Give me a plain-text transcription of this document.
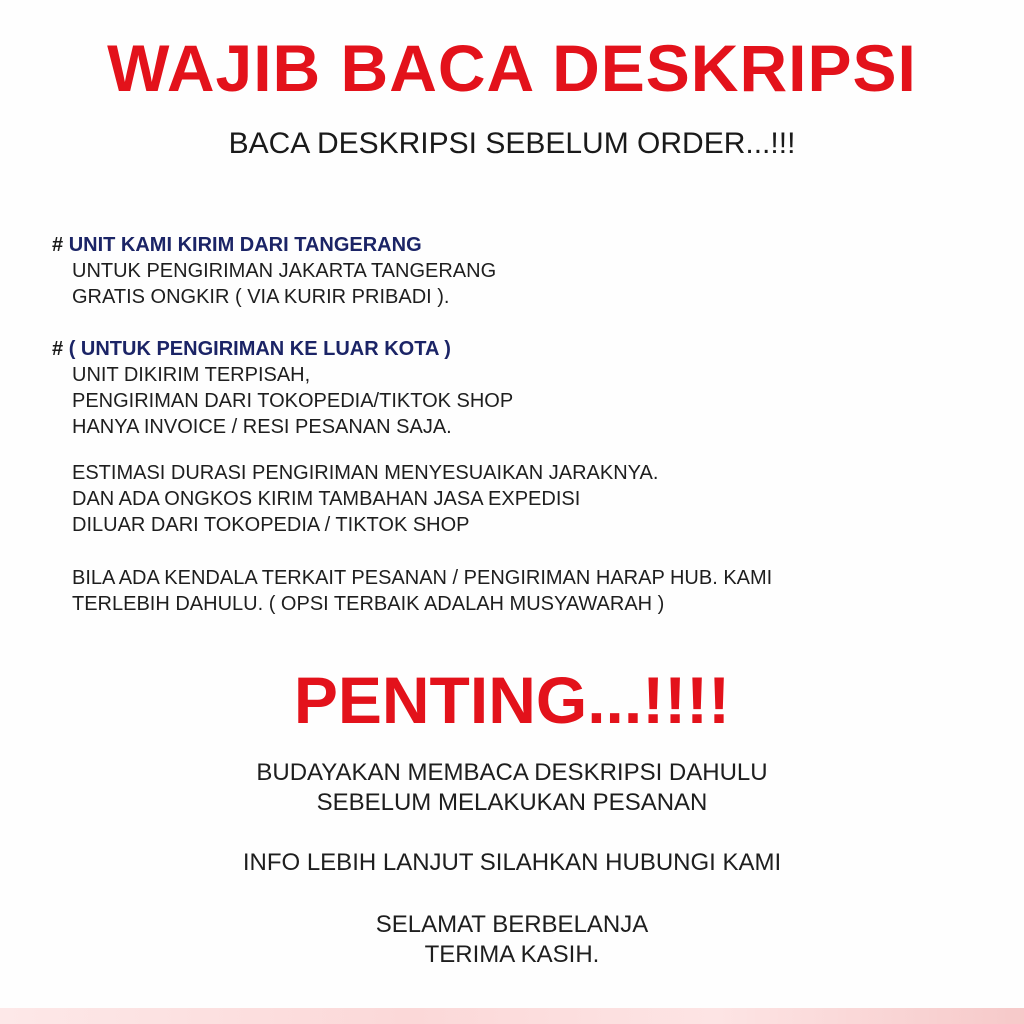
WAJIB BACA DESKRIPSI
BACA DESKRIPSI SEBELUM ORDER...!!!
# UNIT KAMI KIRIM DARI TANGERANG
UNTUK PENGIRIMAN JAKARTA TANGERANG
GRATIS ONGKIR ( VIA KURIR PRIBADI ).
# ( UNTUK PENGIRIMAN KE LUAR KOTA )
UNIT DIKIRIM TERPISAH,
PENGIRIMAN DARI TOKOPEDIA/TIKTOK SHOP
HANYA INVOICE / RESI PESANAN SAJA.
ESTIMASI DURASI PENGIRIMAN MENYESUAIKAN JARAKNYA.
DAN ADA ONGKOS KIRIM TAMBAHAN JASA EXPEDISI
DILUAR DARI TOKOPEDIA / TIKTOK SHOP
BILA ADA KENDALA TERKAIT PESANAN / PENGIRIMAN HARAP HUB. KAMI
TERLEBIH DAHULU. ( OPSI TERBAIK ADALAH MUSYAWARAH )
PENTING...!!!!
BUDAYAKAN MEMBACA DESKRIPSI DAHULU
SEBELUM MELAKUKAN PESANAN
INFO LEBIH LANJUT SILAHKAN HUBUNGI KAMI
SELAMAT BERBELANJA
TERIMA KASIH.
